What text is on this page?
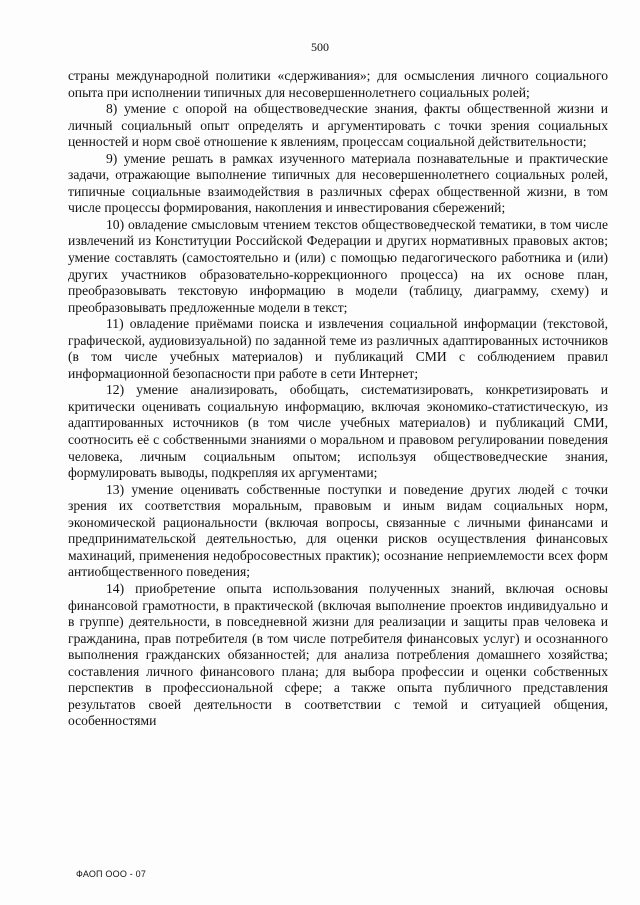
500

страны международной политики «сдерживания»; для осмысления личного социального опыта при исполнении типичных для несовершеннолетнего социальных ролей;

8) умение с опорой на обществоведческие знания, факты общественной жизни и личный социальный опыт определять и аргументировать с точки зрения социальных ценностей и норм своё отношение к явлениям, процессам социальной действительности;

9) умение решать в рамках изученного материала познавательные и практические задачи, отражающие выполнение типичных для несовершеннолетнего социальных ролей, типичные социальные взаимодействия в различных сферах общественной жизни, в том числе процессы формирования, накопления и инвестирования сбережений;

10) овладение смысловым чтением текстов обществоведческой тематики, в том числе извлечений из Конституции Российской Федерации и других нормативных правовых актов; умение составлять (самостоятельно и (или) с помощью педагогического работника и (или) других участников образовательно-коррекционного процесса) на их основе план, преобразовывать текстовую информацию в модели (таблицу, диаграмму, схему) и преобразовывать предложенные модели в текст;

11) овладение приёмами поиска и извлечения социальной информации (текстовой, графической, аудиовизуальной) по заданной теме из различных адаптированных источников (в том числе учебных материалов) и публикаций СМИ с соблюдением правил информационной безопасности при работе в сети Интернет;

12) умение анализировать, обобщать, систематизировать, конкретизировать и критически оценивать социальную информацию, включая экономико-статистическую, из адаптированных источников (в том числе учебных материалов) и публикаций СМИ, соотносить её с собственными знаниями о моральном и правовом регулировании поведения человека, личным социальным опытом; используя обществоведческие знания, формулировать выводы, подкрепляя их аргументами;

13) умение оценивать собственные поступки и поведение других людей с точки зрения их соответствия моральным, правовым и иным видам социальных норм, экономической рациональности (включая вопросы, связанные с личными финансами и предпринимательской деятельностью, для оценки рисков осуществления финансовых махинаций, применения недобросовестных практик); осознание неприемлемости всех форм антиобщественного поведения;

14) приобретение опыта использования полученных знаний, включая основы финансовой грамотности, в практической (включая выполнение проектов индивидуально и в группе) деятельности, в повседневной жизни для реализации и защиты прав человека и гражданина, прав потребителя (в том числе потребителя финансовых услуг) и осознанного выполнения гражданских обязанностей; для анализа потребления домашнего хозяйства; составления личного финансового плана; для выбора профессии и оценки собственных перспектив в профессиональной сфере; а также опыта публичного представления результатов своей деятельности в соответствии с темой и ситуацией общения, особенностями

ФАОП ООО - 07
